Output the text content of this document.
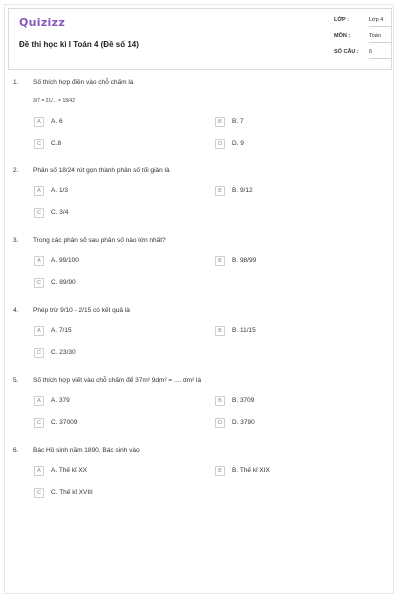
Quizizz
Đề thi học kì I Toán 4 (Đề số 14)
LỚP :	Lớp 4
MÔN :	Toán
SỐ CÂU : 6
1. Số thích hợp điền vào chỗ chấm là
3/7 = 21/... = 18/42
A	A. 6	B	B. 7
C	C.8	D	D. 9
2. Phân số 18/24 rút gọn thành phân số tối giản là
A	A. 1/3	B	B. 9/12
C	C. 3/4
3. Trong các phân số sau phân số nào lớn nhất?
A	A. 99/100	B	B. 98/99
C	C. 89/90
4. Phép trừ 9/10 - 2/15 có kết quả là
A	A. 7/15	B	B. 11/15
C	C. 23/30
5. Số thích hợp viết vào chỗ chấm để 37m² 9dm² = .... dm² là
A	A. 379	B	B. 3709
C	C. 37009	D	D. 3790
6. Bác Hồ sinh năm 1890. Bác sinh vào
A	A. Thế kỉ XX	B	B. Thế kỉ XIX
C	C. Thế kỉ XVIII
